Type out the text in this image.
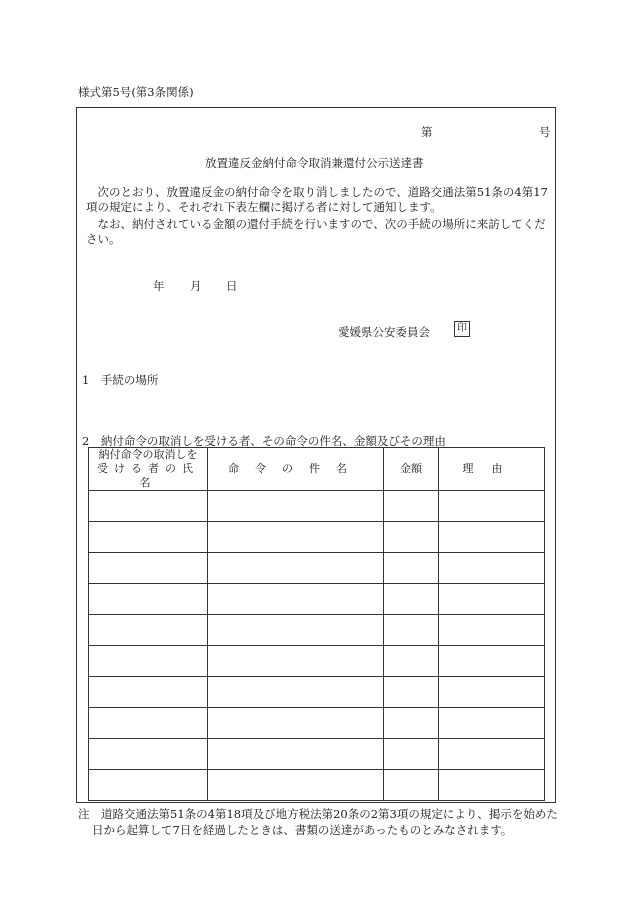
様式第5号(第3条関係)
第	号
放置違反金納付命令取消兼還付公示送達書
　次のとおり、放置違反金の納付命令を取り消しましたので、道路交通法第51条の4第17項の規定により、それぞれ下表左欄に掲げる者に対して通知します。
　なお、納付されている金額の還付手続を行いますので、次の手続の場所に来訪してください。
年 月 日
愛媛県公安委員会	印
1　手続の場所
2　納付命令の取消しを受ける者、その命令の件名、金額及びその理由
納付命令の取消しを
受ける者の氏名	命令の件名	金額	理由

注　道路交通法第51条の4第18項及び地方税法第20条の2第3項の規定により、掲示を始めた
日から起算して7日を経過したときは、書類の送達があったものとみなされます。
